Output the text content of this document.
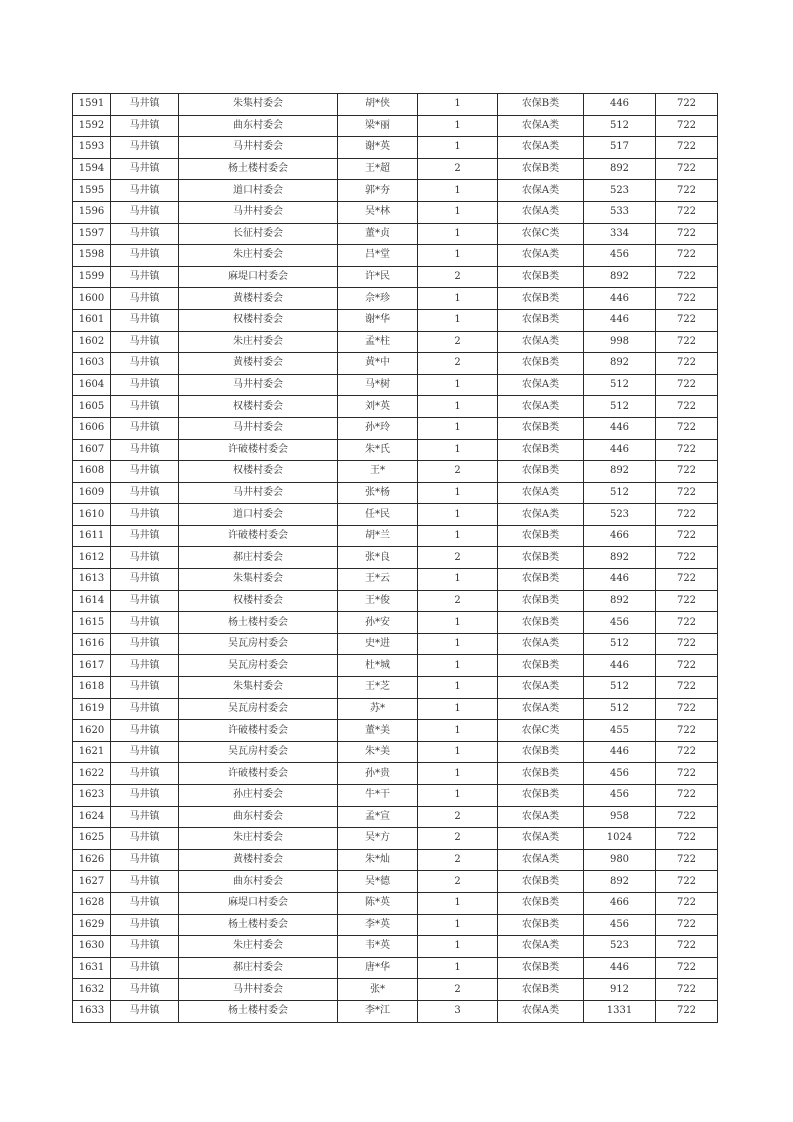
1591	马井镇	朱集村委会	胡*侠	1	农保B类	446	722
1592	马井镇	曲东村委会	梁*丽	1	农保A类	512	722
1593	马井镇	马井村委会	谢*英	1	农保A类	517	722
1594	马井镇	杨土楼村委会	王*超	2	农保B类	892	722
1595	马井镇	道口村委会	郭*夯	1	农保A类	523	722
1596	马井镇	马井村委会	吴*林	1	农保A类	533	722
1597	马井镇	长征村委会	董*贞	1	农保C类	334	722
1598	马井镇	朱庄村委会	吕*堂	1	农保A类	456	722
1599	马井镇	麻堤口村委会	许*民	2	农保B类	892	722
1600	马井镇	黄楼村委会	佘*珍	1	农保B类	446	722
1601	马井镇	权楼村委会	谢*华	1	农保B类	446	722
1602	马井镇	朱庄村委会	孟*柱	2	农保A类	998	722
1603	马井镇	黄楼村委会	黄*中	2	农保B类	892	722
1604	马井镇	马井村委会	马*树	1	农保A类	512	722
1605	马井镇	权楼村委会	刘*英	1	农保A类	512	722
1606	马井镇	马井村委会	孙*玲	1	农保B类	446	722
1607	马井镇	许破楼村委会	朱*氏	1	农保B类	446	722
1608	马井镇	权楼村委会	王*	2	农保B类	892	722
1609	马井镇	马井村委会	张*杨	1	农保A类	512	722
1610	马井镇	道口村委会	任*民	1	农保A类	523	722
1611	马井镇	许破楼村委会	胡*兰	1	农保B类	466	722
1612	马井镇	郝庄村委会	张*良	2	农保B类	892	722
1613	马井镇	朱集村委会	王*云	1	农保B类	446	722
1614	马井镇	权楼村委会	王*俊	2	农保B类	892	722
1615	马井镇	杨土楼村委会	孙*安	1	农保B类	456	722
1616	马井镇	吴瓦房村委会	史*进	1	农保A类	512	722
1617	马井镇	吴瓦房村委会	杜*城	1	农保B类	446	722
1618	马井镇	朱集村委会	王*芝	1	农保A类	512	722
1619	马井镇	吴瓦房村委会	苏*	1	农保A类	512	722
1620	马井镇	许破楼村委会	董*美	1	农保C类	455	722
1621	马井镇	吴瓦房村委会	朱*美	1	农保B类	446	722
1622	马井镇	许破楼村委会	孙*贵	1	农保B类	456	722
1623	马井镇	孙庄村委会	牛*干	1	农保B类	456	722
1624	马井镇	曲东村委会	孟*宣	2	农保A类	958	722
1625	马井镇	朱庄村委会	吴*方	2	农保A类	1024	722
1626	马井镇	黄楼村委会	朱*灿	2	农保A类	980	722
1627	马井镇	曲东村委会	吴*德	2	农保B类	892	722
1628	马井镇	麻堤口村委会	陈*英	1	农保B类	466	722
1629	马井镇	杨土楼村委会	李*英	1	农保B类	456	722
1630	马井镇	朱庄村委会	韦*英	1	农保A类	523	722
1631	马井镇	郝庄村委会	唐*华	1	农保B类	446	722
1632	马井镇	马井村委会	张*	2	农保B类	912	722
1633	马井镇	杨土楼村委会	李*江	3	农保A类	1331	722
